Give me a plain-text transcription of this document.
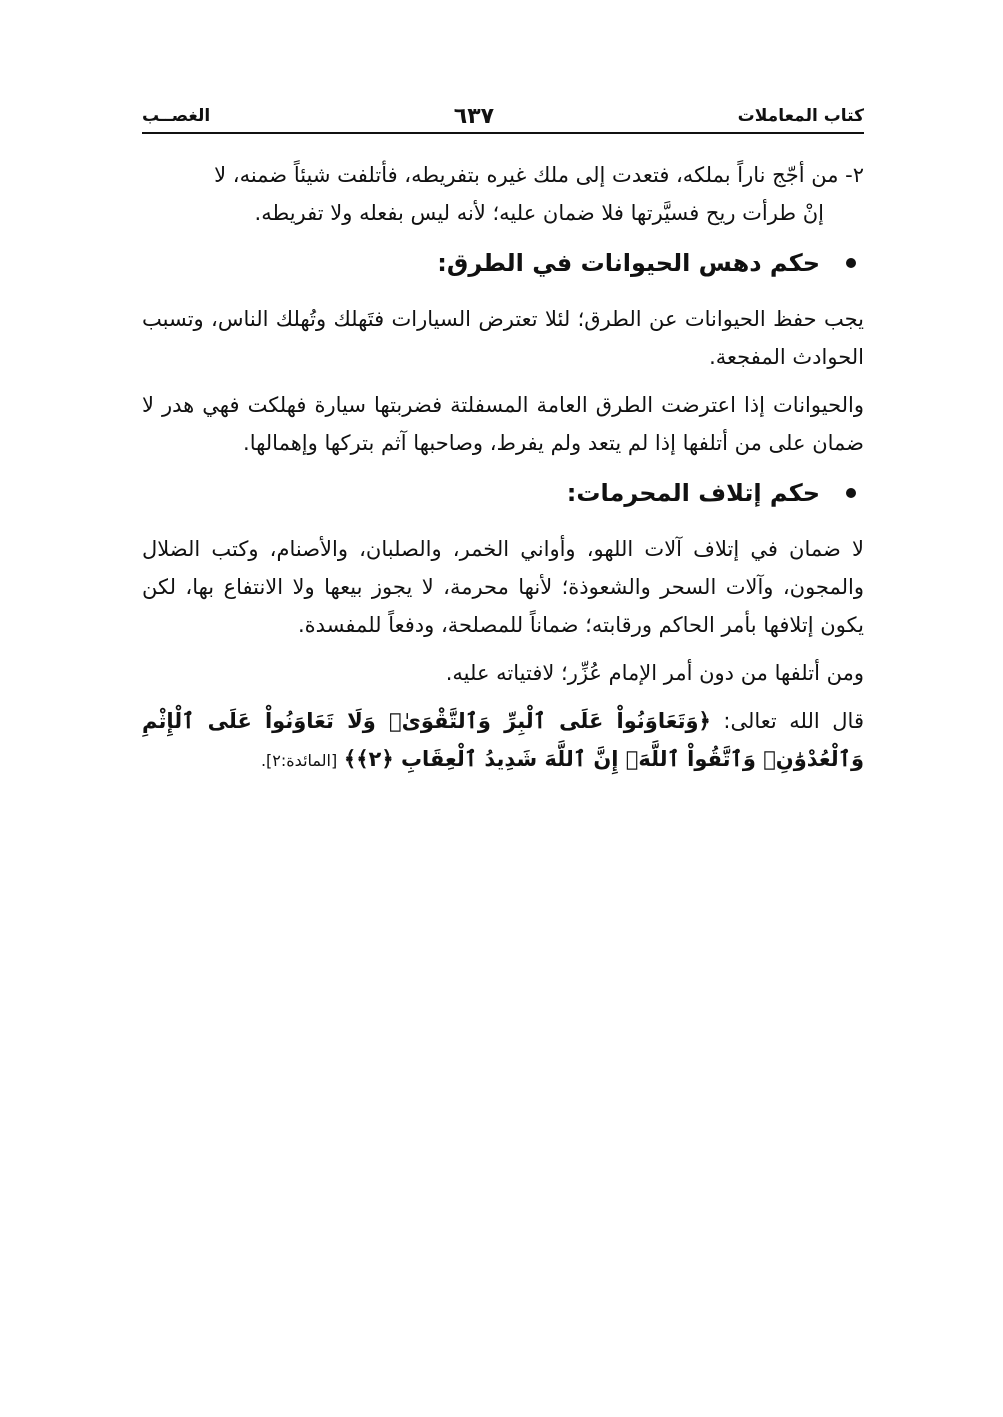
كتاب المعاملات
٦٣٧
الغصــب
٢- من أجّج ناراً بملكه، فتعدت إلى ملك غيره بتفريطه، فأتلفت شيئاً ضمنه، لا
إنْ طرأت ريح فسيَّرتها فلا ضمان عليه؛ لأنه ليس بفعله ولا تفريطه.
حكم دهس الحيوانات في الطرق:

يجب حفظ الحيوانات عن الطرق؛ لئلا تعترض السيارات فتَهلك وتُهلك الناس، وتسبب الحوادث المفجعة.

والحيوانات إذا اعترضت الطرق العامة المسفلتة فضربتها سيارة فهلكت فهي هدر لا ضمان على من أتلفها إذا لم يتعد ولم يفرط، وصاحبها آثم بتركها وإهمالها.

حكم إتلاف المحرمات:

لا ضمان في إتلاف آلات اللهو، وأواني الخمر، والصلبان، والأصنام، وكتب الضلال والمجون، وآلات السحر والشعوذة؛ لأنها محرمة، لا يجوز بيعها ولا الانتفاع بها، لكن يكون إتلافها بأمر الحاكم ورقابته؛ ضماناً للمصلحة، ودفعاً للمفسدة.

ومن أتلفها من دون أمر الإمام عُزِّر؛ لافتياته عليه.

قال الله تعالى: ﴿وَتَعَاوَنُواْ عَلَى ٱلْبِرِّ وَٱلتَّقْوَىٰۖ وَلَا تَعَاوَنُواْ عَلَى ٱلْإِثْمِ وَٱلْعُدْوَٰنِۚ وَٱتَّقُواْ ٱللَّهَۖ إِنَّ ٱللَّهَ شَدِيدُ ٱلْعِقَابِ ﴿٢﴾﴾ [المائدة:٢].
